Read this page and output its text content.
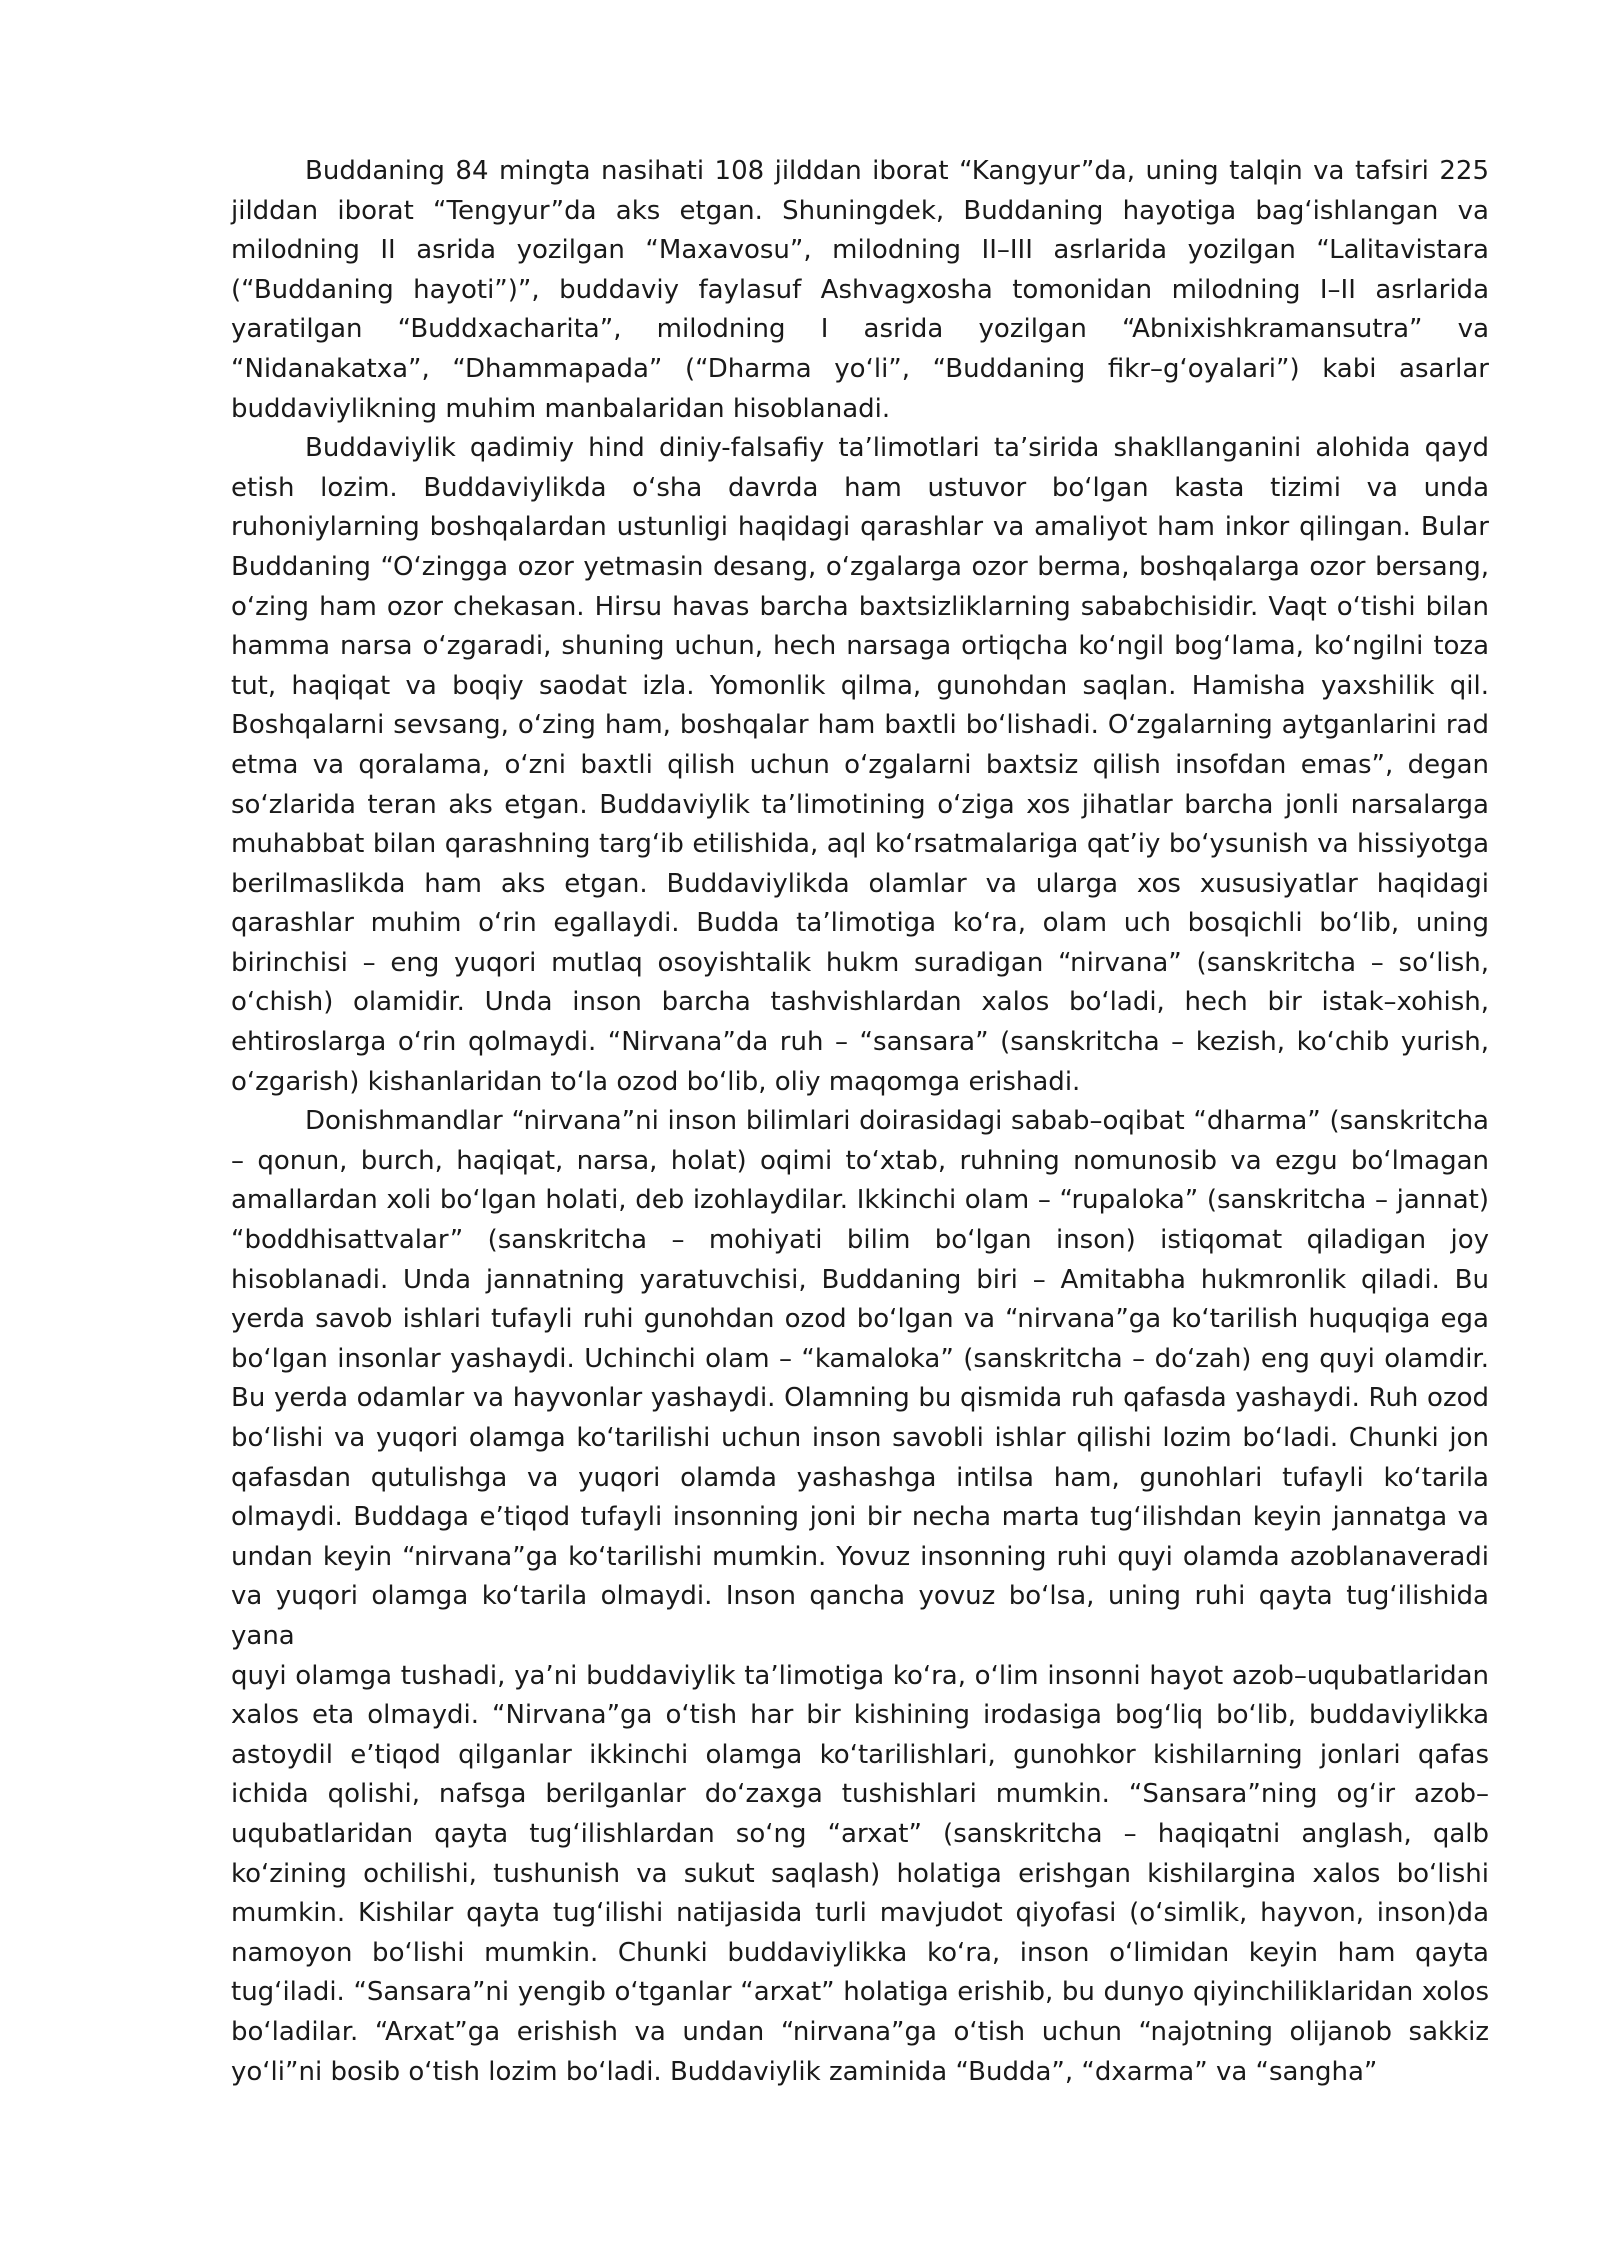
Buddaning 84 mingta nasihati 108 jilddan iborat “Kangyur”da, uning talqin va tafsiri 225 jilddan iborat “Tengyur”da aks etgan. Shuningdek, Buddaning hayotiga bag‘ishlangan va milodning II asrida yozilgan “Maxavosu”, milodning II–III asrlarida yozilgan “Lalitavistara (“Buddaning hayoti”)”, buddaviy faylasuf Ashvagxosha tomonidan milodning I–II asrlarida yaratilgan “Buddxacharita”, milodning I asrida yozilgan “Abnixishkramansutra” va “Nidanakatxa”, “Dhammapada” (“Dharma yo‘li”, “Buddaning fikr–g‘oyalari”) kabi asarlar buddaviylikning muhim manbalaridan hisoblanadi.

Buddaviylik qadimiy hind diniy-falsafiy ta’limotlari ta’sirida shakllanganini alohida qayd etish lozim. Buddaviylikda o‘sha davrda ham ustuvor bo‘lgan kasta tizimi va unda ruhoniylarning boshqalardan ustunligi haqidagi qarashlar va amaliyot ham inkor qilingan. Bular Buddaning “O‘zingga ozor yetmasin desang, o‘zgalarga ozor berma, boshqalarga ozor bersang, o‘zing ham ozor chekasan. Hirsu havas barcha baxtsizliklarning sababchisidir. Vaqt o‘tishi bilan hamma narsa o‘zgaradi, shuning uchun, hech narsaga ortiqcha ko‘ngil bog‘lama, ko‘ngilni toza tut, haqiqat va boqiy saodat izla. Yomonlik qilma, gunohdan saqlan. Hamisha yaxshilik qil. Boshqalarni sevsang, o‘zing ham, boshqalar ham baxtli bo‘lishadi. O‘zgalarning aytganlarini rad etma va qoralama, o‘zni baxtli qilish uchun o‘zgalarni baxtsiz qilish insofdan emas”, degan so‘zlarida teran aks etgan. Buddaviylik ta’limotining o‘ziga xos jihatlar barcha jonli narsalarga muhabbat bilan qarashning targ‘ib etilishida, aql ko‘rsatmalariga qat’iy bo‘ysunish va hissiyotga berilmaslikda ham aks etgan. Buddaviylikda olamlar va ularga xos xususiyatlar haqidagi qarashlar muhim o‘rin egallaydi. Budda ta’limotiga ko‘ra, olam uch bosqichli bo‘lib, uning birinchisi – eng yuqori mutlaq osoyishtalik hukm suradigan “nirvana” (sanskritcha – so‘lish, o‘chish) olamidir. Unda inson barcha tashvishlardan xalos bo‘ladi, hech bir istak–xohish, ehtiroslarga o‘rin qolmaydi. “Nirvana”da ruh – “sansara” (sanskritcha – kezish, ko‘chib yurish, o‘zgarish) kishanlaridan to‘la ozod bo‘lib, oliy maqomga erishadi.

Donishmandlar “nirvana”ni inson bilimlari doirasidagi sabab–oqibat “dharma” (sanskritcha – qonun, burch, haqiqat, narsa, holat) oqimi to‘xtab, ruhning nomunosib va ezgu bo‘lmagan amallardan xoli bo‘lgan holati, deb izohlaydilar. Ikkinchi olam – “rupaloka” (sanskritcha – jannat) “boddhisattvalar” (sanskritcha – mohiyati bilim bo‘lgan inson) istiqomat qiladigan joy hisoblanadi. Unda jannatning yaratuvchisi, Buddaning biri – Amitabha hukmronlik qiladi. Bu yerda savob ishlari tufayli ruhi gunohdan ozod bo‘lgan va “nirvana”ga ko‘tarilish huquqiga ega bo‘lgan insonlar yashaydi. Uchinchi olam – “kamaloka” (sanskritcha – do‘zah) eng quyi olamdir. Bu yerda odamlar va hayvonlar yashaydi. Olamning bu qismida ruh qafasda yashaydi. Ruh ozod bo‘lishi va yuqori olamga ko‘tarilishi uchun inson savobli ishlar qilishi lozim bo‘ladi. Chunki jon qafasdan qutulishga va yuqori olamda yashashga intilsa ham, gunohlari tufayli ko‘tarila olmaydi. Buddaga e’tiqod tufayli insonning joni bir necha marta tug‘ilishdan keyin jannatga va undan keyin “nirvana”ga ko‘tarilishi mumkin. Yovuz insonning ruhi quyi olamda azoblanaveradi va yuqori olamga ko‘tarila olmaydi. Inson qancha yovuz bo‘lsa, uning ruhi qayta tug‘ilishida yana
quyi olamga tushadi, ya’ni buddaviylik ta’limotiga ko‘ra, o‘lim insonni hayot azob–uqubatlaridan xalos eta olmaydi. “Nirvana”ga o‘tish har bir kishining irodasiga bog‘liq bo‘lib, buddaviylikka astoydil e’tiqod qilganlar ikkinchi olamga ko‘tarilishlari, gunohkor kishilarning jonlari qafas ichida qolishi, nafsga berilganlar do‘zaxga tushishlari mumkin. “Sansara”ning og‘ir azob–uqubatlaridan qayta tug‘ilishlardan so‘ng “arxat” (sanskritcha – haqiqatni anglash, qalb ko‘zining ochilishi, tushunish va sukut saqlash) holatiga erishgan kishilargina xalos bo‘lishi mumkin. Kishilar qayta tug‘ilishi natijasida turli mavjudot qiyofasi (o‘simlik, hayvon, inson)da namoyon bo‘lishi mumkin. Chunki buddaviylikka ko‘ra, inson o‘limidan keyin ham qayta tug‘iladi. “Sansara”ni yengib o‘tganlar “arxat” holatiga erishib, bu dunyo qiyinchiliklaridan xolos bo‘ladilar. “Arxat”ga erishish va undan “nirvana”ga o‘tish uchun “najotning olijanob sakkiz yo‘li”ni bosib o‘tish lozim bo‘ladi. Buddaviylik zaminida “Budda”, “dxarma” va “sangha”
